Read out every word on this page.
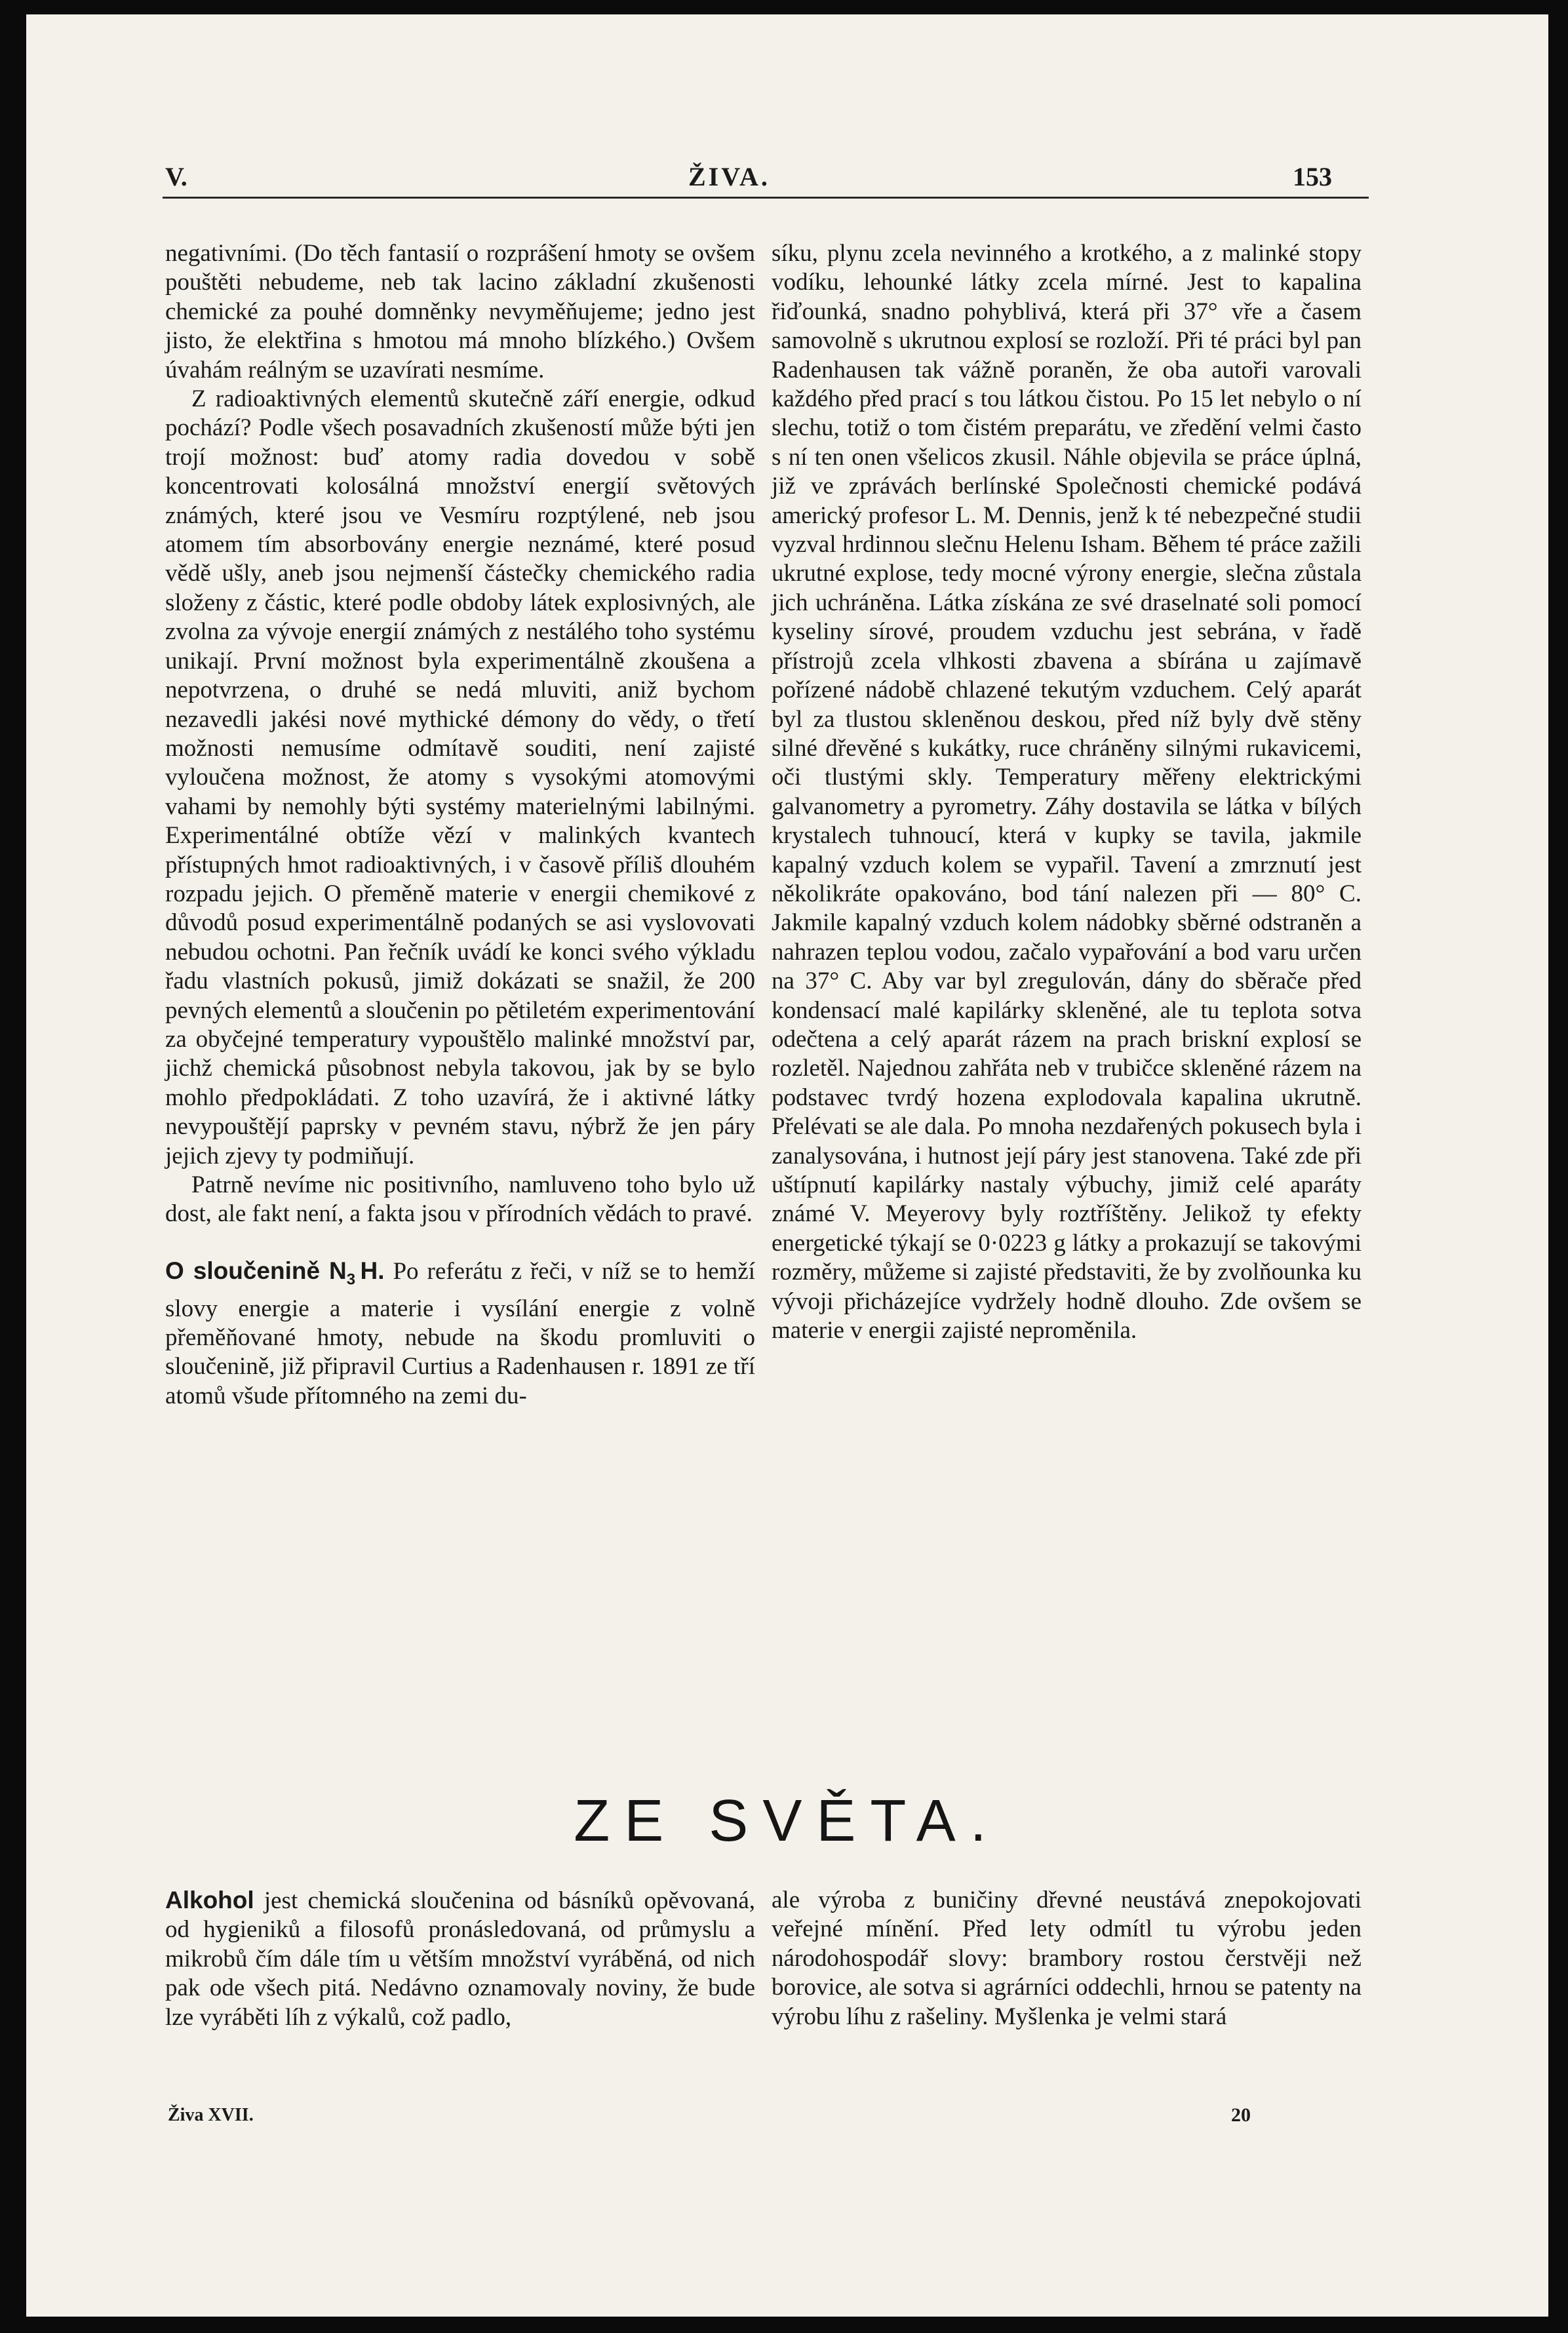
V.	ŽIVA.	153

negativními. (Do těch fantasií o rozprášení hmoty se ovšem pouštěti nebudeme, neb tak lacino základní zkušenosti chemické za pouhé domněnky nevyměňujeme; jedno jest jisto, že elektřina s hmotou má mnoho blízkého.) Ovšem úvahám reálným se uzavírati nesmíme.

Z radioaktivných elementů skutečně září energie, odkud pochází? Podle všech posavadních zkušeností může býti jen trojí možnost: buď atomy radia dovedou v sobě koncentrovati kolosálná množství energií světových známých, které jsou ve Vesmíru rozptýlené, neb jsou atomem tím absorbovány energie neznámé, které posud vědě ušly, aneb jsou nejmenší částečky chemického radia složeny z částic, které podle obdoby látek explosivných, ale zvolna za vývoje energií známých z nestálého toho systému unikají. První možnost byla experimentálně zkoušena a nepotvrzena, o druhé se nedá mluviti, aniž bychom nezavedli jakési nové mythické démony do vědy, o třetí možnosti nemusíme odmítavě souditi, není zajisté vyloučena možnost, že atomy s vysokými atomovými vahami by nemohly býti systémy materielnými labilnými. Experimentálné obtíže vězí v malinkých kvantech přístupných hmot radioaktivných, i v časově příliš dlouhém rozpadu jejich. O přeměně materie v energii chemikové z důvodů posud experimentálně podaných se asi vyslovovati nebudou ochotni. Pan řečník uvádí ke konci svého výkladu řadu vlastních pokusů, jimiž dokázati se snažil, že 200 pevných elementů a sloučenin po pětiletém experimentování za obyčejné temperatury vypouštělo malinké množství par, jichž chemická působnost nebyla takovou, jak by se bylo mohlo předpokládati. Z toho uzavírá, že i aktivné látky nevypouštějí paprsky v pevném stavu, nýbrž že jen páry jejich zjevy ty podmiňují.

Patrně nevíme nic positivního, namluveno toho bylo už dost, ale fakt není, a fakta jsou v přírodních vědách to pravé.

O sloučenině $N_3$  H. Po referátu z řeči, v níž se to hemží slovy energie a materie i vysílání energie z volně přeměňované hmoty, nebude na škodu promluviti o sloučenině, již připravil Curtius a Radenhausen r. 1891 ze tří atomů všude přítomného na zemi du-

síku, plynu zcela nevinného a krotkého, a z malinké stopy vodíku, lehounké látky zcela mírné. Jest to kapalina řiďounká, snadno pohyblivá, která při 37° vře a časem samovolně s ukrutnou explosí se rozloží. Při té práci byl pan Radenhausen tak vážně poraněn, že oba autoři varovali každého před prací s tou látkou čistou. Po 15 let nebylo o ní slechu, totiž o tom čistém preparátu, ve zředění velmi často s ní ten onen všelicos zkusil. Náhle objevila se práce úplná, již ve zprávách berlínské Společnosti chemické podává americký profesor L. M. Dennis, jenž k té nebezpečné studii vyzval hrdinnou slečnu Helenu Isham. Během té práce zažili ukrutné explose, tedy mocné výrony energie, slečna zůstala jich uchráněna. Látka získána ze své draselnaté soli pomocí kyseliny sírové, proudem vzduchu jest sebrána, v řadě přístrojů zcela vlhkosti zbavena a sbírána u zajímavě pořízené nádobě chlazené tekutým vzduchem. Celý aparát byl za tlustou skleněnou deskou, před níž byly dvě stěny silné dřevěné s kukátky, ruce chráněny silnými rukavicemi, oči tlustými skly. Temperatury měřeny elektrickými galvanometry a pyrometry. Záhy dostavila se látka v bílých krystalech tuhnoucí, která v kupky se tavila, jakmile kapalný vzduch kolem se vypařil. Tavení a zmrznutí jest několikráte opakováno, bod tání nalezen při — 80° C. Jakmile kapalný vzduch kolem nádobky sběrné odstraněn a nahrazen teplou vodou, začalo vypařování a bod varu určen na 37° C. Aby var byl zregulován, dány do sběrače před kondensací malé kapilárky skleněné, ale tu teplota sotva odečtena a celý aparát rázem na prach briskní explosí se rozletěl. Najednou zahřáta neb v trubičce skleněné rázem na podstavec tvrdý hozena explodovala kapalina ukrutně. Přelévati se ale dala. Po mnoha nezdařených pokusech byla i zanalysována, i hutnost její páry jest stanovena. Také zde při uštípnutí kapilárky nastaly výbuchy, jimiž celé aparáty známé V. Meyerovy byly roztříštěny. Jelikož ty efekty energetické týkají se 0·0223 g látky a prokazují se takovými rozměry, můžeme si zajisté představiti, že by zvolňounka ku vývoji přicházejíce vydržely hodně dlouho. Zde ovšem se materie v energii zajisté neproměnila.

ZE SVĚTA.

Alkohol jest chemická sloučenina od básníků opěvovaná, od hygieniků a filosofů pronásledovaná, od průmyslu a mikrobů čím dále tím u větším množství vyráběná, od nich pak ode všech pitá. Nedávno oznamovaly noviny, že bude lze vyráběti líh z výkalů, což padlo,

ale výroba z buničiny dřevné neustává znepokojovati veřejné mínění. Před lety odmítl tu výrobu jeden národohospodář slovy: brambory rostou čerstvěji než borovice, ale sotva si agrárníci oddechli, hrnou se patenty na výrobu líhu z rašeliny. Myšlenka je velmi stará

Živa XVII.	20
